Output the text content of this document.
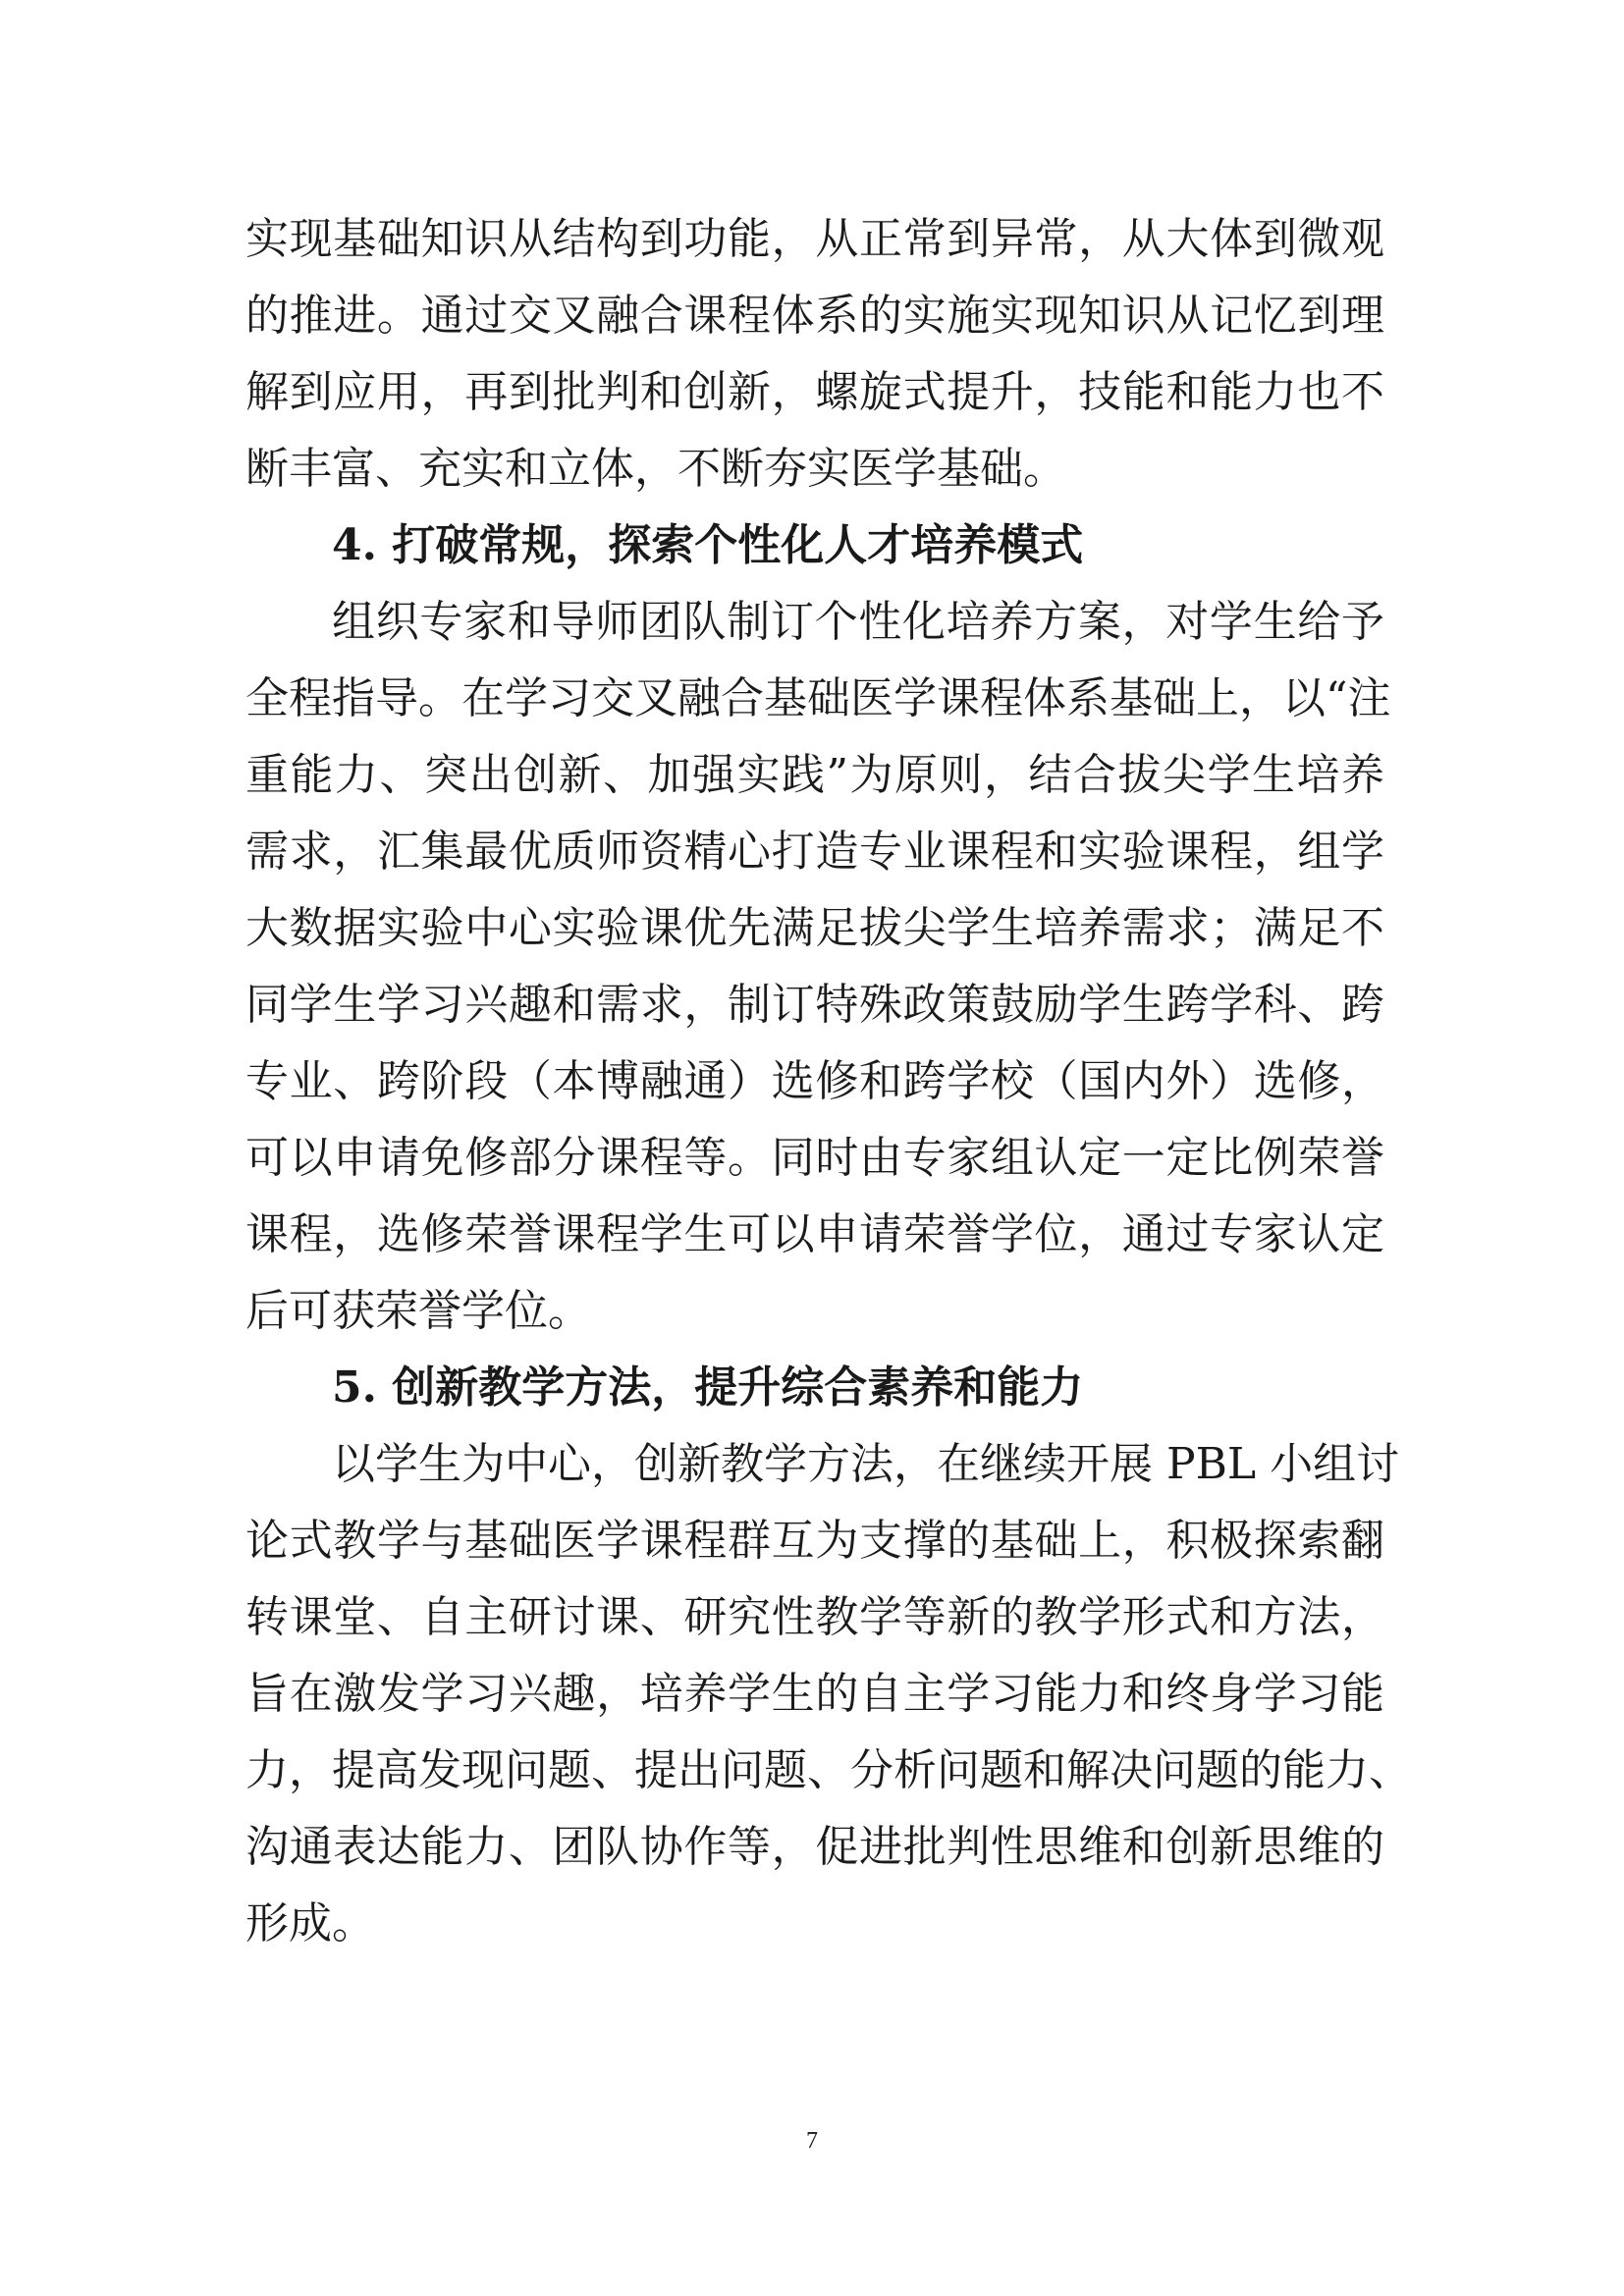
实现基础知识从结构到功能，从正常到异常，从大体到微观
的推进。通过交叉融合课程体系的实施实现知识从记忆到理
解到应用，再到批判和创新，螺旋式提升，技能和能力也不
断丰富、充实和立体，不断夯实医学基础。
4. 打破常规，探索个性化人才培养模式
组织专家和导师团队制订个性化培养方案，对学生给予
全程指导。在学习交叉融合基础医学课程体系基础上，以“注
重能力、突出创新、加强实践”为原则，结合拔尖学生培养
需求，汇集最优质师资精心打造专业课程和实验课程，组学
大数据实验中心实验课优先满足拔尖学生培养需求；满足不
同学生学习兴趣和需求，制订特殊政策鼓励学生跨学科、跨
专业、跨阶段（本博融通）选修和跨学校（国内外）选修，
可以申请免修部分课程等。同时由专家组认定一定比例荣誉
课程，选修荣誉课程学生可以申请荣誉学位，通过专家认定
后可获荣誉学位。
5. 创新教学方法，提升综合素养和能力
以学生为中心，创新教学方法，在继续开展 PBL 小组讨
论式教学与基础医学课程群互为支撑的基础上，积极探索翻
转课堂、自主研讨课、研究性教学等新的教学形式和方法，
旨在激发学习兴趣，培养学生的自主学习能力和终身学习能
力，提高发现问题、提出问题、分析问题和解决问题的能力、
沟通表达能力、团队协作等，促进批判性思维和创新思维的
形成。
7
